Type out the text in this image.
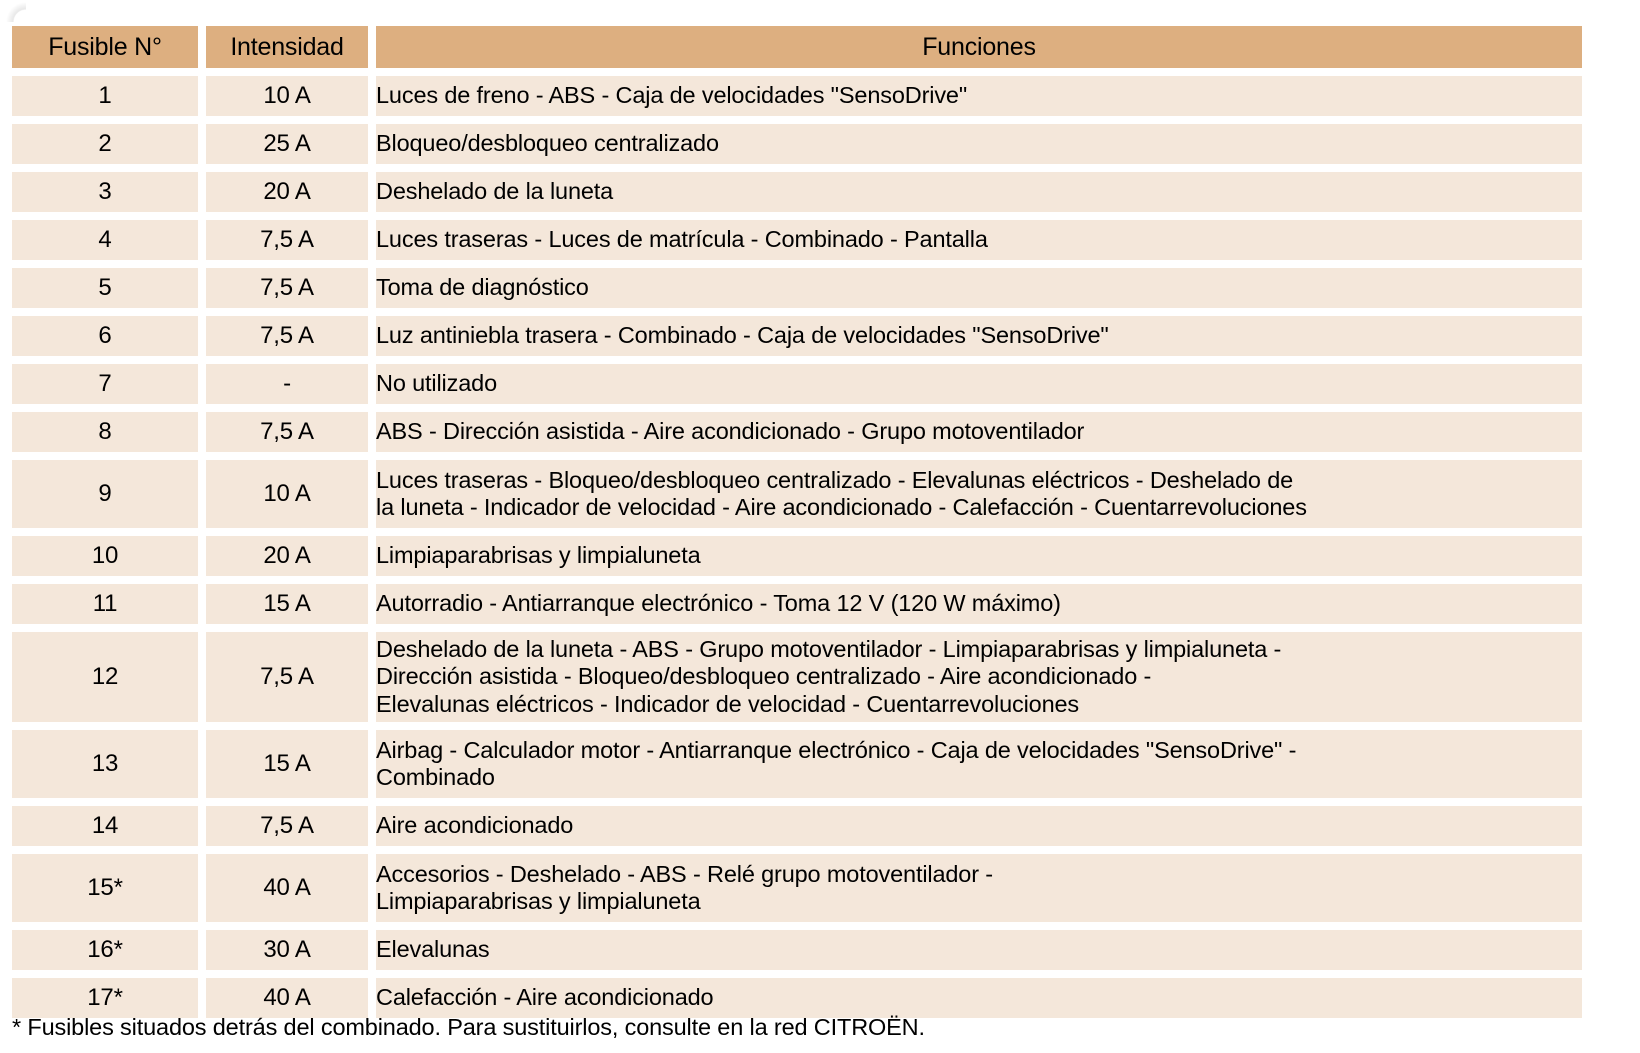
Fusible N°	Intensidad	Funciones
1	10 A	Luces de freno - ABS - Caja de velocidades "SensoDrive"

2	25 A	Bloqueo/desbloqueo centralizado

3	20 A	Deshelado de la luneta

4	7,5 A	Luces traseras - Luces de matrícula - Combinado - Pantalla

5	7,5 A	Toma de diagnóstico

6	7,5 A	Luz antiniebla trasera - Combinado - Caja de velocidades "SensoDrive"

7	-	No utilizado

8	7,5 A	ABS - Dirección asistida - Aire acondicionado - Grupo motoventilador

9	10 A	Luces traseras - Bloqueo/desbloqueo centralizado - Elevalunas eléctricos - Deshelado de
la luneta - Indicador de velocidad - Aire acondicionado - Calefacción - Cuentarrevoluciones

10	20 A	Limpiaparabrisas y limpialuneta

11	15 A	Autorradio - Antiarranque electrónico - Toma 12 V (120 W máximo)

12	7,5 A	Deshelado de la luneta - ABS - Grupo motoventilador - Limpiaparabrisas y limpialuneta -
Dirección asistida - Bloqueo/desbloqueo centralizado - Aire acondicionado -
Elevalunas eléctricos - Indicador de velocidad - Cuentarrevoluciones

13	15 A	Airbag - Calculador motor - Antiarranque electrónico - Caja de velocidades "SensoDrive" -
Combinado

14	7,5 A	Aire acondicionado

15*	40 A	Accesorios - Deshelado - ABS - Relé grupo motoventilador -
Limpiaparabrisas y limpialuneta

16*	30 A	Elevalunas

17*	40 A	Calefacción - Aire acondicionado
* Fusibles situados detrás del combinado. Para sustituirlos, consulte en la red CITROËN.
